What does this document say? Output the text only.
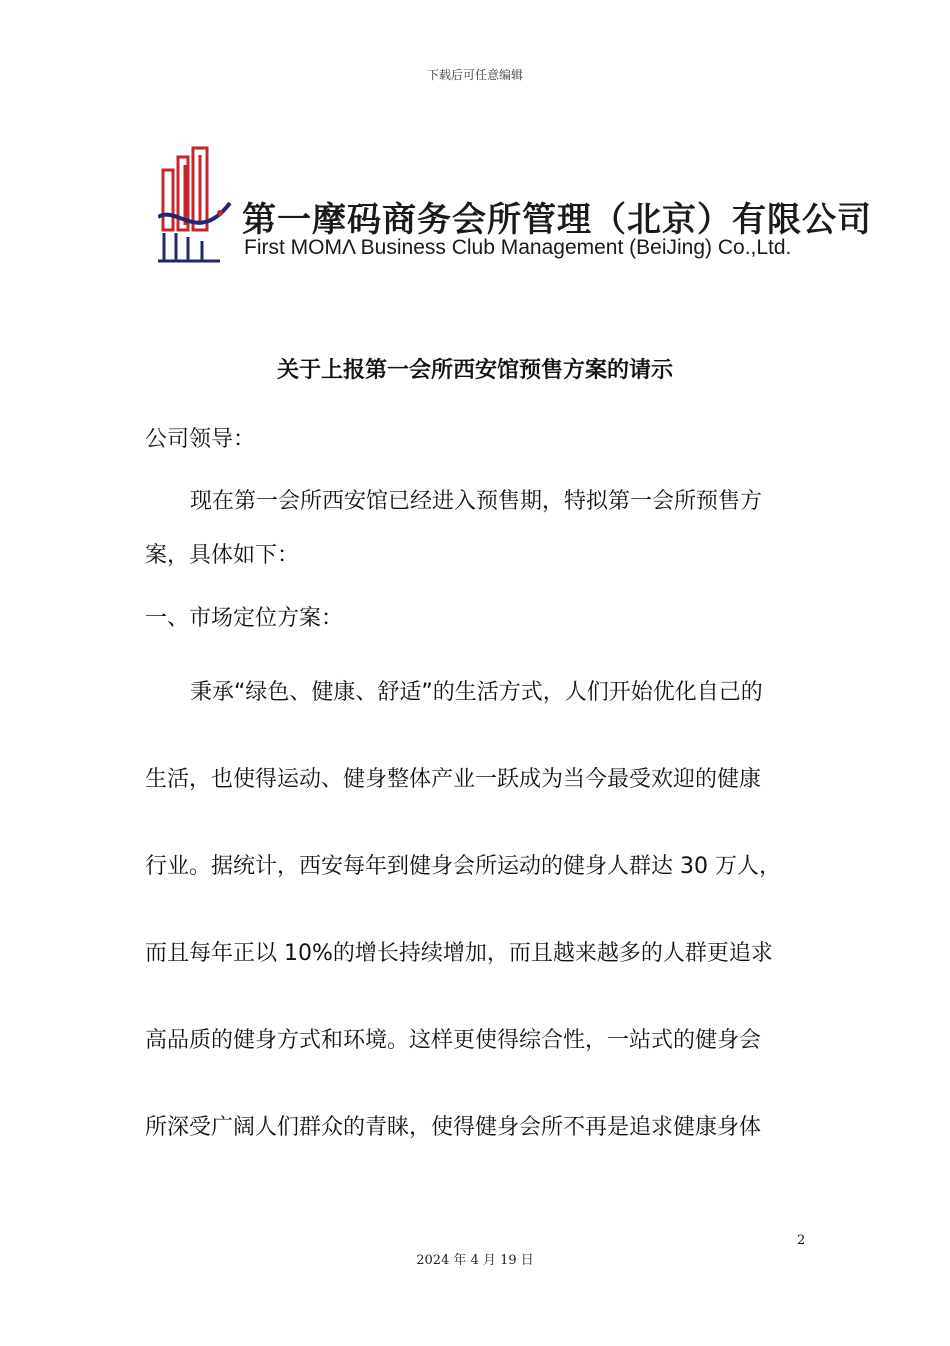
下载后可任意编辑
第一摩码商务会所管理（北京）有限公司
First MOMΛ Business Club Management (BeiJing) Co.,Ltd.
关于上报第一会所西安馆预售方案的请示
公司领导：
现在第一会所西安馆已经进入预售期，特拟第一会所预售方
案，具体如下：
一、市场定位方案：
秉承“绿色、健康、舒适”的生活方式，人们开始优化自己的
生活，也使得运动、健身整体产业一跃成为当今最受欢迎的健康
行业。据统计，西安每年到健身会所运动的健身人群达 30 万人，
而且每年正以 10%的增长持续增加，而且越来越多的人群更追求
高品质的健身方式和环境。这样更使得综合性，一站式的健身会
所深受广阔人们群众的青睐，使得健身会所不再是追求健康身体
2
2024 年 4 月 19 日
